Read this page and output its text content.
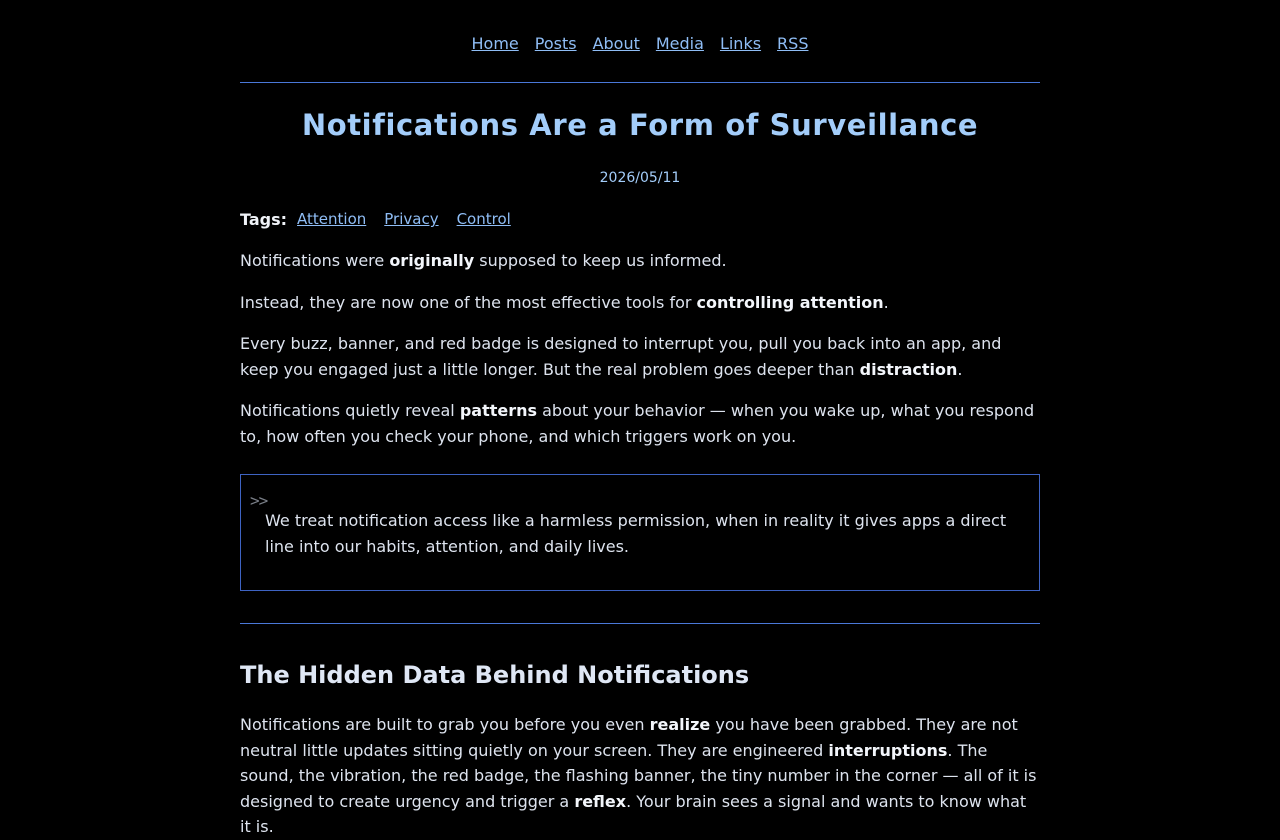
Home Posts About Media Links RSS
Notifications Are a Form of Surveillance
2026/05/11
Tags: Attention Privacy Control

Notifications were originally supposed to keep us informed.

Instead, they are now one of the most effective tools for controlling attention.

Every buzz, banner, and red badge is designed to interrupt you, pull you back into an app, and keep you engaged just a little longer. But the real problem goes deeper than distraction.

Notifications quietly reveal patterns about your behavior — when you wake up, what you respond to, how often you check your phone, and which triggers work on you.

>>

We treat notification access like a harmless permission, when in reality it gives apps a direct line into our habits, attention, and daily lives.

The Hidden Data Behind Notifications

Notifications are built to grab you before you even realize you have been grabbed. They are not neutral little updates sitting quietly on your screen. They are engineered interruptions. The sound, the vibration, the red badge, the flashing banner, the tiny number in the corner — all of it is designed to create urgency and trigger a reflex. Your brain sees a signal and wants to know what it is.
